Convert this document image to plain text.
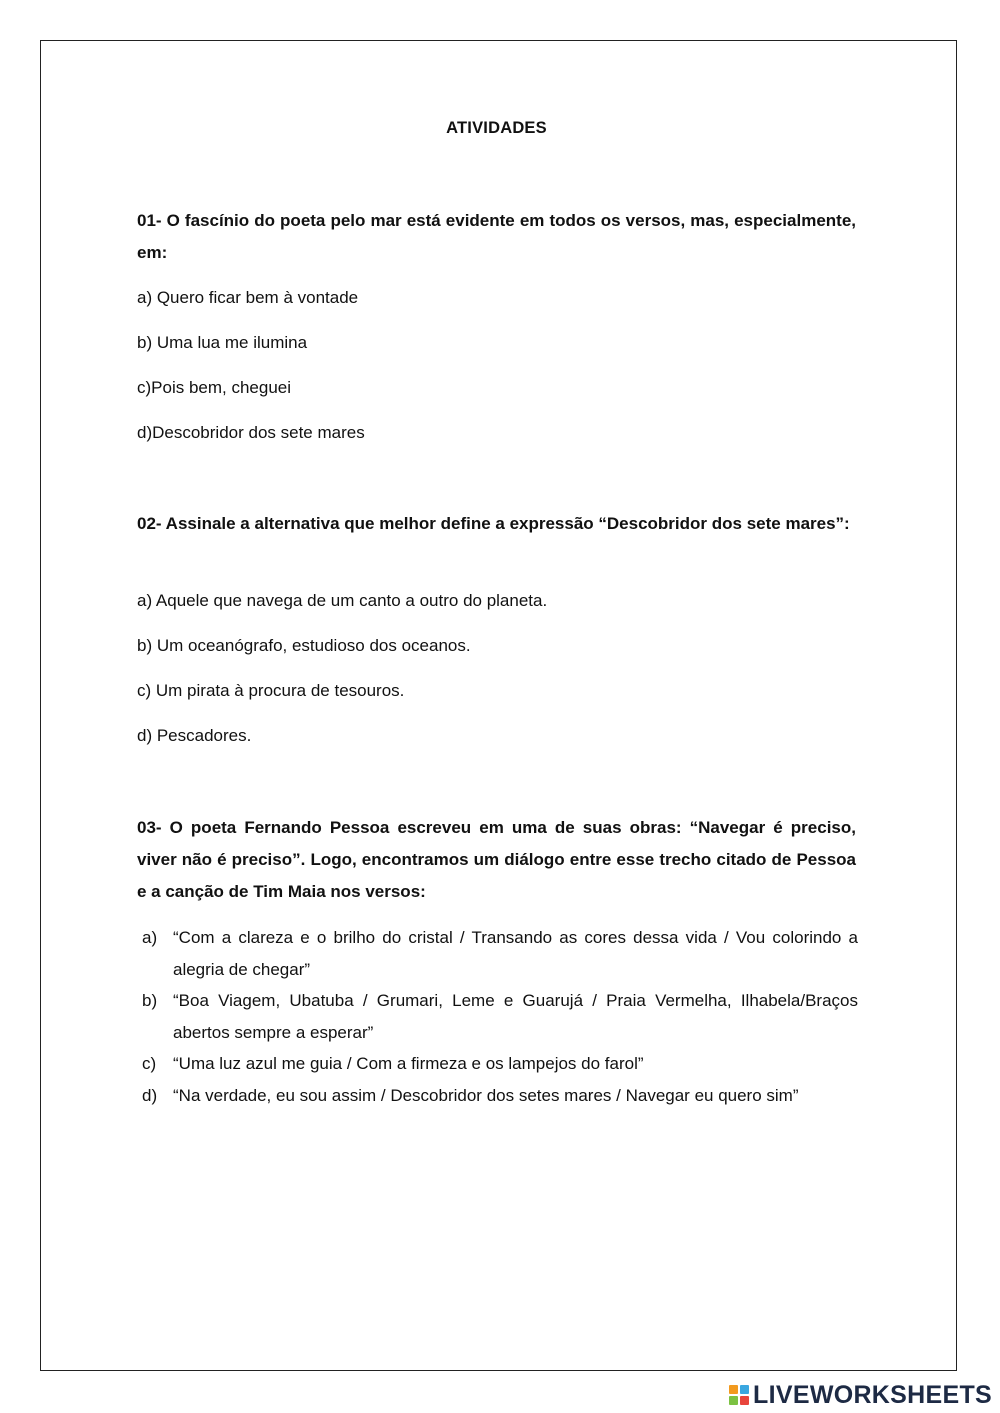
ATIVIDADES
01- O fascínio do poeta pelo mar está evidente em todos os versos, mas, especialmente, em:

a) Quero ficar bem à vontade

b) Uma lua me ilumina

c)Pois bem, cheguei

d)Descobridor dos sete mares

02- Assinale a alternativa que melhor define a expressão “Descobridor dos sete mares”:

a) Aquele que navega de um canto a outro do planeta.

b) Um oceanógrafo, estudioso dos oceanos.

c) Um pirata à procura de tesouros.

d) Pescadores.

03- O poeta Fernando Pessoa escreveu em uma de suas obras: “Navegar é preciso, viver não é preciso”. Logo, encontramos um diálogo entre esse trecho citado de Pessoa e a canção de Tim Maia nos versos:
a) “Com a clareza e o brilho do cristal / Transando as cores dessa vida / Vou colorindo a alegria de chegar”
b) “Boa Viagem, Ubatuba / Grumari, Leme e Guarujá / Praia Vermelha, Ilhabela/Braços abertos sempre a esperar”
c) “Uma luz azul me guia / Com a firmeza e os lampejos do farol”
d) “Na verdade, eu sou assim / Descobridor dos setes mares / Navegar eu quero sim”
LIVEWORKSHEETS
